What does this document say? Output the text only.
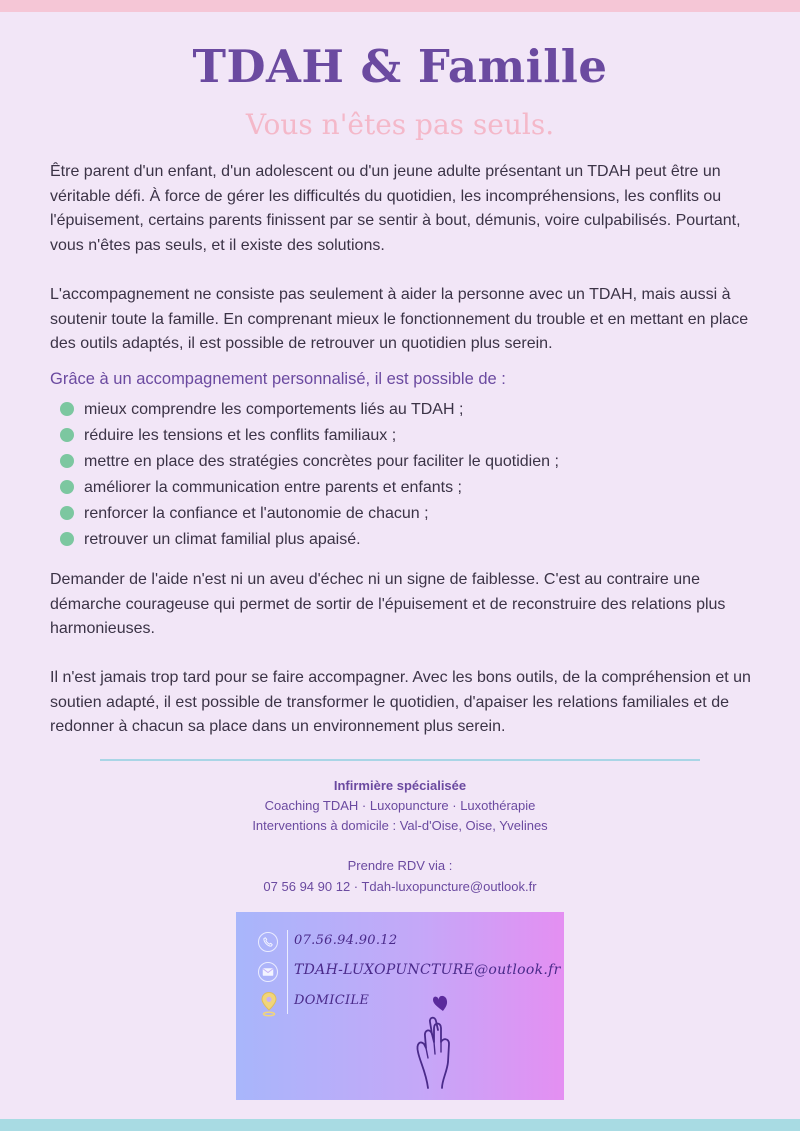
TDAH & Famille
Vous n'êtes pas seuls.

Être parent d'un enfant, d'un adolescent ou d'un jeune adulte présentant un TDAH peut être un véritable défi. À force de gérer les difficultés du quotidien, les incompréhensions, les conflits ou l'épuisement, certains parents finissent par se sentir à bout, démunis, voire culpabilisés. Pourtant, vous n'êtes pas seuls, et il existe des solutions.

L'accompagnement ne consiste pas seulement à aider la personne avec un TDAH, mais aussi à soutenir toute la famille. En comprenant mieux le fonctionnement du trouble et en mettant en place des outils adaptés, il est possible de retrouver un quotidien plus serein.

Grâce à un accompagnement personnalisé, il est possible de :
mieux comprendre les comportements liés au TDAH ;
réduire les tensions et les conflits familiaux ;
mettre en place des stratégies concrètes pour faciliter le quotidien ;
améliorer la communication entre parents et enfants ;
renforcer la confiance et l'autonomie de chacun ;
retrouver un climat familial plus apaisé.

Demander de l'aide n'est ni un aveu d'échec ni un signe de faiblesse. C'est au contraire une démarche courageuse qui permet de sortir de l'épuisement et de reconstruire des relations plus harmonieuses.

Il n'est jamais trop tard pour se faire accompagner. Avec les bons outils, de la compréhension et un soutien adapté, il est possible de transformer le quotidien, d'apaiser les relations familiales et de redonner à chacun sa place dans un environnement plus serein.

Infirmière spécialisée
Coaching TDAH · Luxopuncture · Luxothérapie
Interventions à domicile : Val-d'Oise, Oise, Yvelines
Prendre RDV via :
07 56 94 90 12 · Tdah-luxopuncture@outlook.fr
07.56.94.90.12
TDAH-LUXOPUNCTURE@outlook.fr
DOMICILE
